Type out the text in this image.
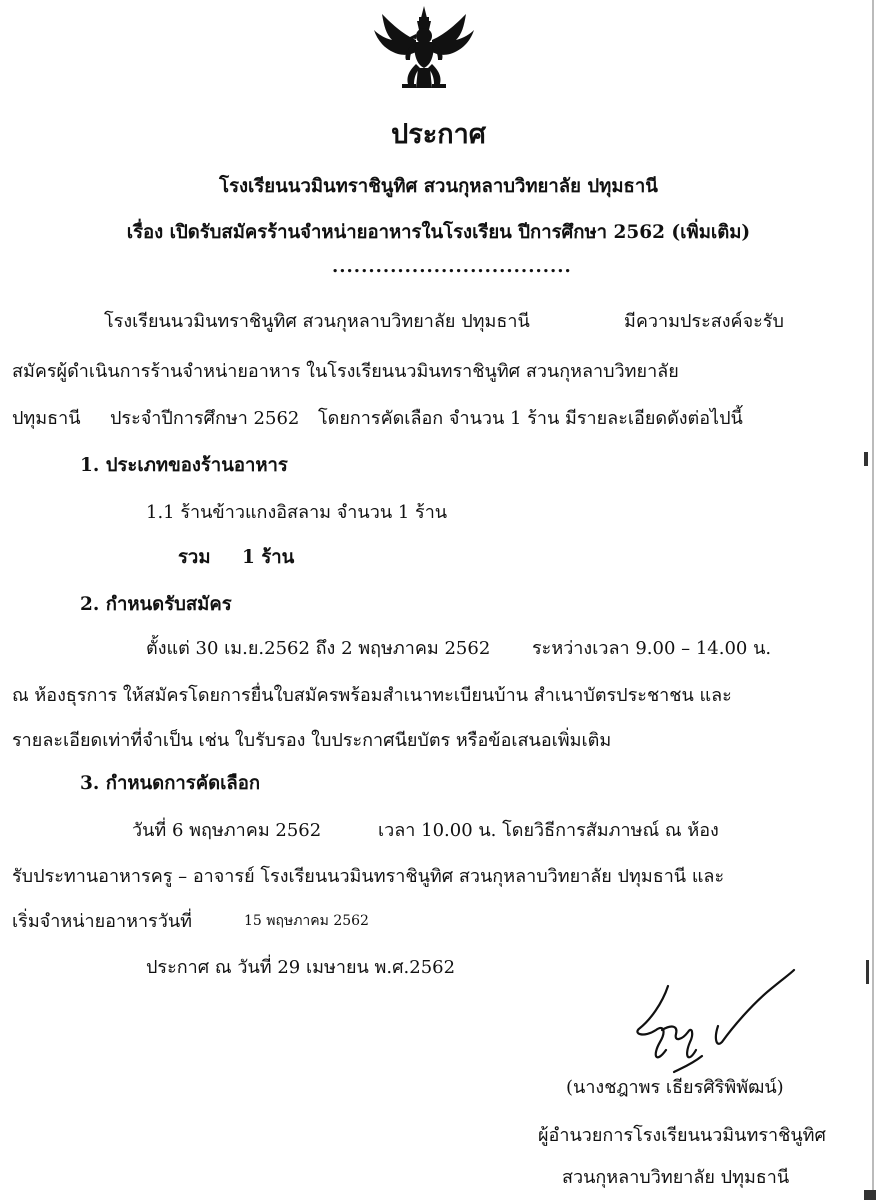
ประกาศ
โรงเรียนนวมินทราชินูทิศ สวนกุหลาบวิทยาลัย ปทุมธานี
เรื่อง เปิดรับสมัครร้านจำหน่ายอาหารในโรงเรียน ปีการศึกษา 2562 (เพิ่มเติม)
.................................
โรงเรียนนวมินทราชินูทิศ สวนกุหลาบวิทยาลัย ปทุมธานี	มีความประสงค์จะรับ
สมัครผู้ดำเนินการร้านจำหน่ายอาหาร ในโรงเรียนนวมินทราชินูทิศ สวนกุหลาบวิทยาลัย
ปทุมธานี ประจำปีการศึกษา 2562 โดยการคัดเลือก จำนวน 1 ร้าน มีรายละเอียดดังต่อไปนี้
1. ประเภทของร้านอาหาร
1.1 ร้านข้าวแกงอิสลาม จำนวน 1 ร้าน
รวม 1 ร้าน
2. กำหนดรับสมัคร
ตั้งแต่ 30 เม.ย.2562 ถึง 2 พฤษภาคม 2562 ระหว่างเวลา 9.00 – 14.00 น.
ณ ห้องธุรการ ให้สมัครโดยการยื่นใบสมัครพร้อมสำเนาทะเบียนบ้าน สำเนาบัตรประชาชน และ
รายละเอียดเท่าที่จำเป็น เช่น ใบรับรอง ใบประกาศนียบัตร หรือข้อเสนอเพิ่มเติม
3. กำหนดการคัดเลือก
วันที่ 6 พฤษภาคม 2562	เวลา 10.00 น. โดยวิธีการสัมภาษณ์ ณ ห้อง
รับประทานอาหารครู – อาจารย์ โรงเรียนนวมินทราชินูทิศ สวนกุหลาบวิทยาลัย ปทุมธานี และ
เริ่มจำหน่ายอาหารวันที่	15 พฤษภาคม 2562
ประกาศ ณ วันที่ 29 เมษายน พ.ศ.2562
(นางชฎาพร เธียรศิริพิพัฒน์)
ผู้อำนวยการโรงเรียนนวมินทราชินูทิศ
สวนกุหลาบวิทยาลัย ปทุมธานี
